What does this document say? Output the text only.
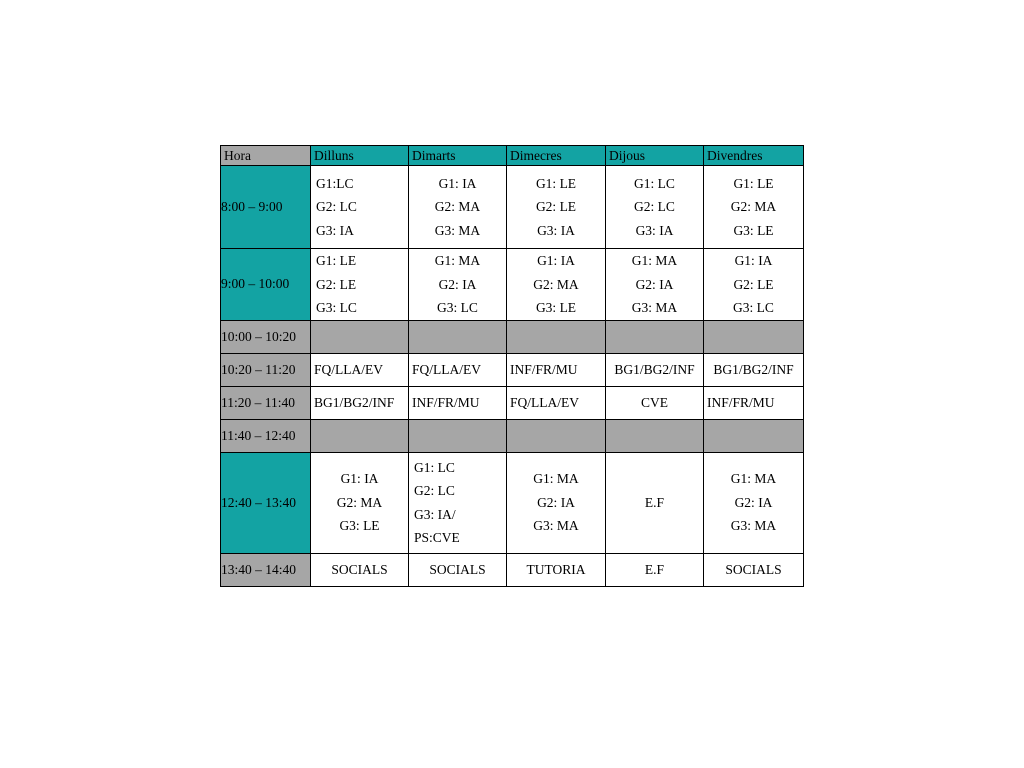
Hora	Dilluns	Dimarts	Dimecres	Dijous	Divendres
8:00 – 9:00	G1:LC
G2: LC
G3: IA	G1: IA
G2: MA
G3: MA	G1: LE
G2: LE
G3: IA	G1: LC
G2: LC
G3: IA	G1: LE
G2: MA
G3: LE

9:00 – 10:00	G1: LE
G2: LE
G3: LC	G1: MA
G2: IA
G3: LC	G1: IA
G2: MA
G3: LE	G1: MA
G2: IA
G3: MA	G1: IA
G2: LE
G3: LC

10:00 – 10:20					
10:20 – 11:20	FQ/LLA/EV	FQ/LLA/EV	INF/FR/MU	BG1/BG2/INF	BG1/BG2/INF
11:20 – 11:40	BG1/BG2/INF	INF/FR/MU	FQ/LLA/EV	CVE	INF/FR/MU
11:40 – 12:40					
12:40 – 13:40	G1: IA
G2: MA
G3: LE	G1: LC
G2: LC
G3: IA/
PS:CVE	G1: MA
G2: IA
G3: MA	E.F	G1: MA
G2: IA
G3: MA

13:40 – 14:40	SOCIALS	SOCIALS	TUTORIA	E.F	SOCIALS
